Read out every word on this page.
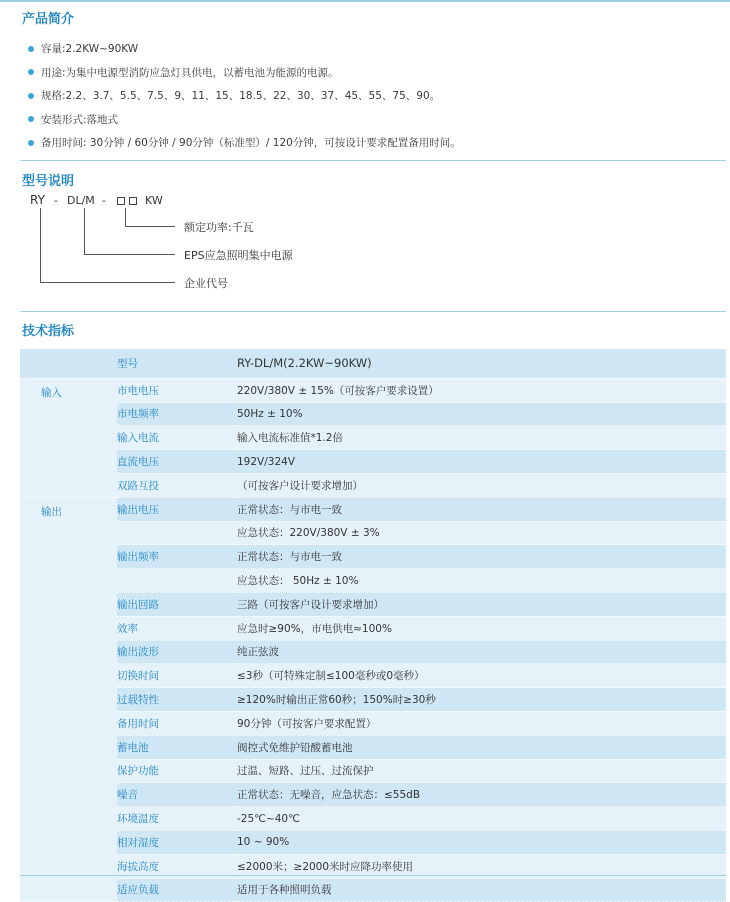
产品简介
容量:2.2KW~90KW
用途:为集中电源型消防应急灯具供电，以蓄电池为能源的电源。
规格:2.2、3.7、5.5、7.5、9、11、15、18.5、22、30、37、45、55、75、90。
安装形式:落地式
备用时间: 30分钟 / 60分钟 / 90分钟（标准型）/ 120分钟，可按设计要求配置备用时间。
型号说明
RY - DL/M -	KW
额定功率:千瓦
EPS应急照明集中电源
企业代号
技术指标
	型号	RY-DL/M(2.2KW~90KW)
输入	市电电压	220V/380V ± 15%（可按客户要求设置）
	市电频率	50Hz ± 10%
	输入电流	输入电流标准值*1.2倍
	直流电压	192V/324V
	双路互投	（可按客户设计要求增加）
输出	输出电压	正常状态：与市电一致
		应急状态：220V/380V ± 3%
	输出频率	正常状态：与市电一致
		应急状态： 50Hz ± 10%
	输出回路	三路（可按客户设计要求增加）
	效率	应急时≥90%，市电供电≈100%
	输出波形	纯正弦波
	切换时间	≤3秒（可特殊定制≤100毫秒或0毫秒）
	过载特性	≥120%时输出正常60秒；150%时≥30秒
	备用时间	90分钟（可按客户要求配置）
	蓄电池	阀控式免维护铅酸蓄电池
	保护功能	过温、短路、过压、过流保护
	噪音	正常状态：无噪音，应急状态：≤55dB
	环境温度	-25℃~40℃
	相对湿度	10 ~ 90%
	海拔高度	≤2000米；≥2000米时应降功率使用
	适应负载	适用于各种照明负载
